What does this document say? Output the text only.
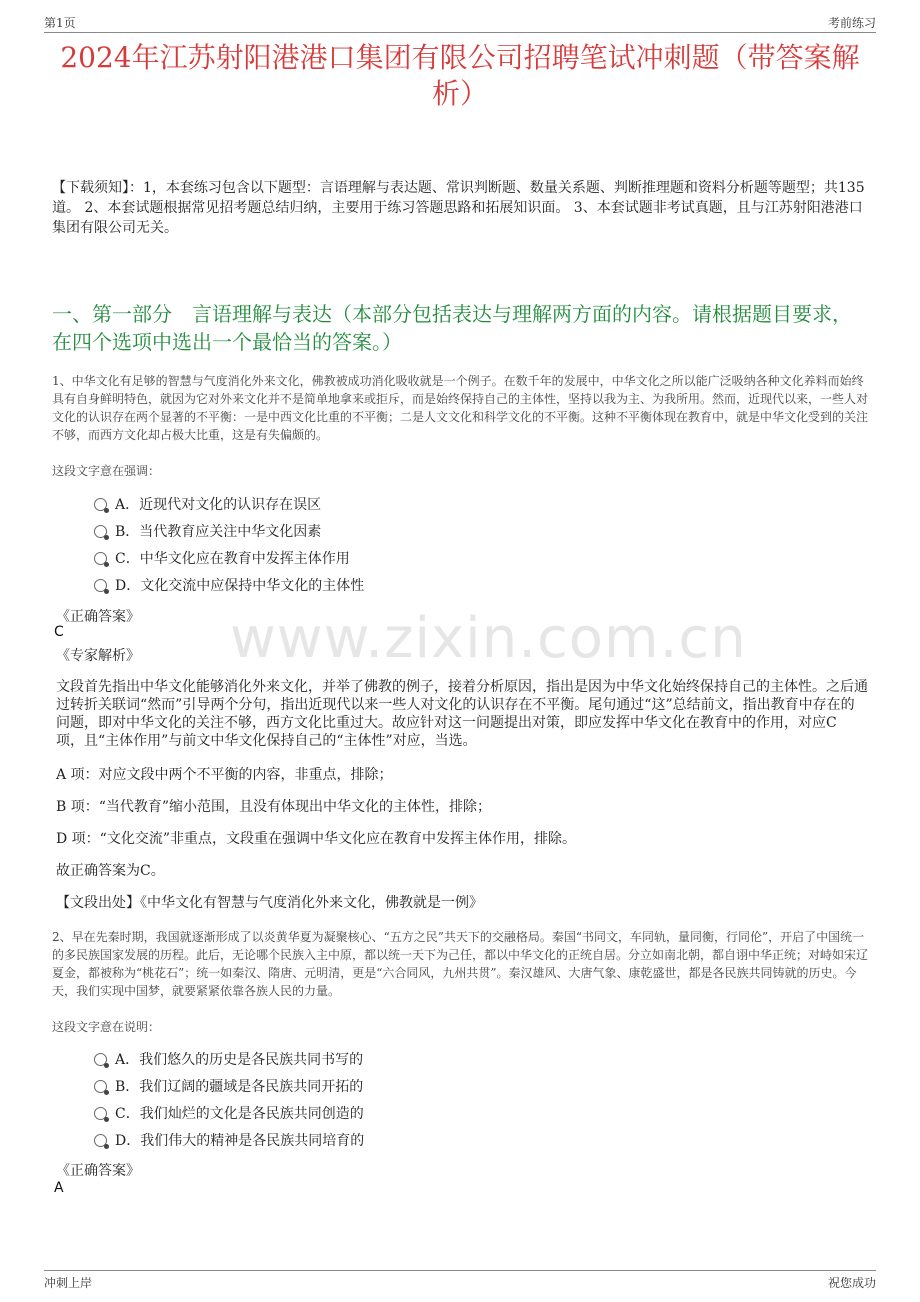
第1页	考前练习
2024年江苏射阳港港口集团有限公司招聘笔试冲刺题（带答案解析）
【下载须知】：1，本套练习包含以下题型：言语理解与表达题、常识判断题、数量关系题、判断推理题和资料分析题等题型；共135道。 2、本套试题根据常见招考题总结归纳，主要用于练习答题思路和拓展知识面。 3、本套试题非考试真题，且与江苏射阳港港口集团有限公司无关。
一、第一部分　言语理解与表达（本部分包括表达与理解两方面的内容。请根据题目要求，在四个选项中选出一个最恰当的答案。）
www.zixin.com.cn
1、中华文化有足够的智慧与气度消化外来文化，佛教被成功消化吸收就是一个例子。在数千年的发展中，中华文化之所以能广泛吸纳各种文化养料而始终具有自身鲜明特色，就因为它对外来文化并不是简单地拿来或拒斥，而是始终保持自己的主体性，坚持以我为主、为我所用。然而，近现代以来，一些人对文化的认识存在两个显著的不平衡：一是中西文化比重的不平衡；二是人文文化和科学文化的不平衡。这种不平衡体现在教育中，就是中华文化受到的关注不够，而西方文化却占极大比重，这是有失偏颇的。
这段文字意在强调：
A．近现代对文化的认识存在误区
B．当代教育应关注中华文化因素
C．中华文化应在教育中发挥主体作用
D．文化交流中应保持中华文化的主体性
《正确答案》
C
《专家解析》
文段首先指出中华文化能够消化外来文化，并举了佛教的例子，接着分析原因，指出是因为中华文化始终保持自己的主体性。之后通过转折关联词“然而”引导两个分句，指出近现代以来一些人对文化的认识存在不平衡。尾句通过“这”总结前文，指出教育中存在的问题，即对中华文化的关注不够，西方文化比重过大。故应针对这一问题提出对策，即应发挥中华文化在教育中的作用，对应C 项，且“主体作用”与前文中华文化保持自己的“主体性”对应，当选。
A 项：对应文段中两个不平衡的内容，非重点，排除；
B 项：“当代教育”缩小范围，且没有体现出中华文化的主体性，排除；
D 项：“文化交流”非重点，文段重在强调中华文化应在教育中发挥主体作用，排除。
故正确答案为C。
【文段出处】《中华文化有智慧与气度消化外来文化，佛教就是一例》
2、早在先秦时期，我国就逐渐形成了以炎黄华夏为凝聚核心、“五方之民”共天下的交融格局。秦国“书同文，车同轨，量同衡，行同伦”，开启了中国统一的多民族国家发展的历程。此后，无论哪个民族入主中原，都以统一天下为己任，都以中华文化的正统自居。分立如南北朝，都自诩中华正统；对峙如宋辽夏金，都被称为“桃花石”；统一如秦汉、隋唐、元明清，更是“六合同风，九州共贯”。秦汉雄风、大唐气象、康乾盛世，都是各民族共同铸就的历史。今天，我们实现中国梦，就要紧紧依靠各族人民的力量。
这段文字意在说明：
A．我们悠久的历史是各民族共同书写的
B．我们辽阔的疆域是各民族共同开拓的
C．我们灿烂的文化是各民族共同创造的
D．我们伟大的精神是各民族共同培育的
《正确答案》
A
冲刺上岸	祝您成功
